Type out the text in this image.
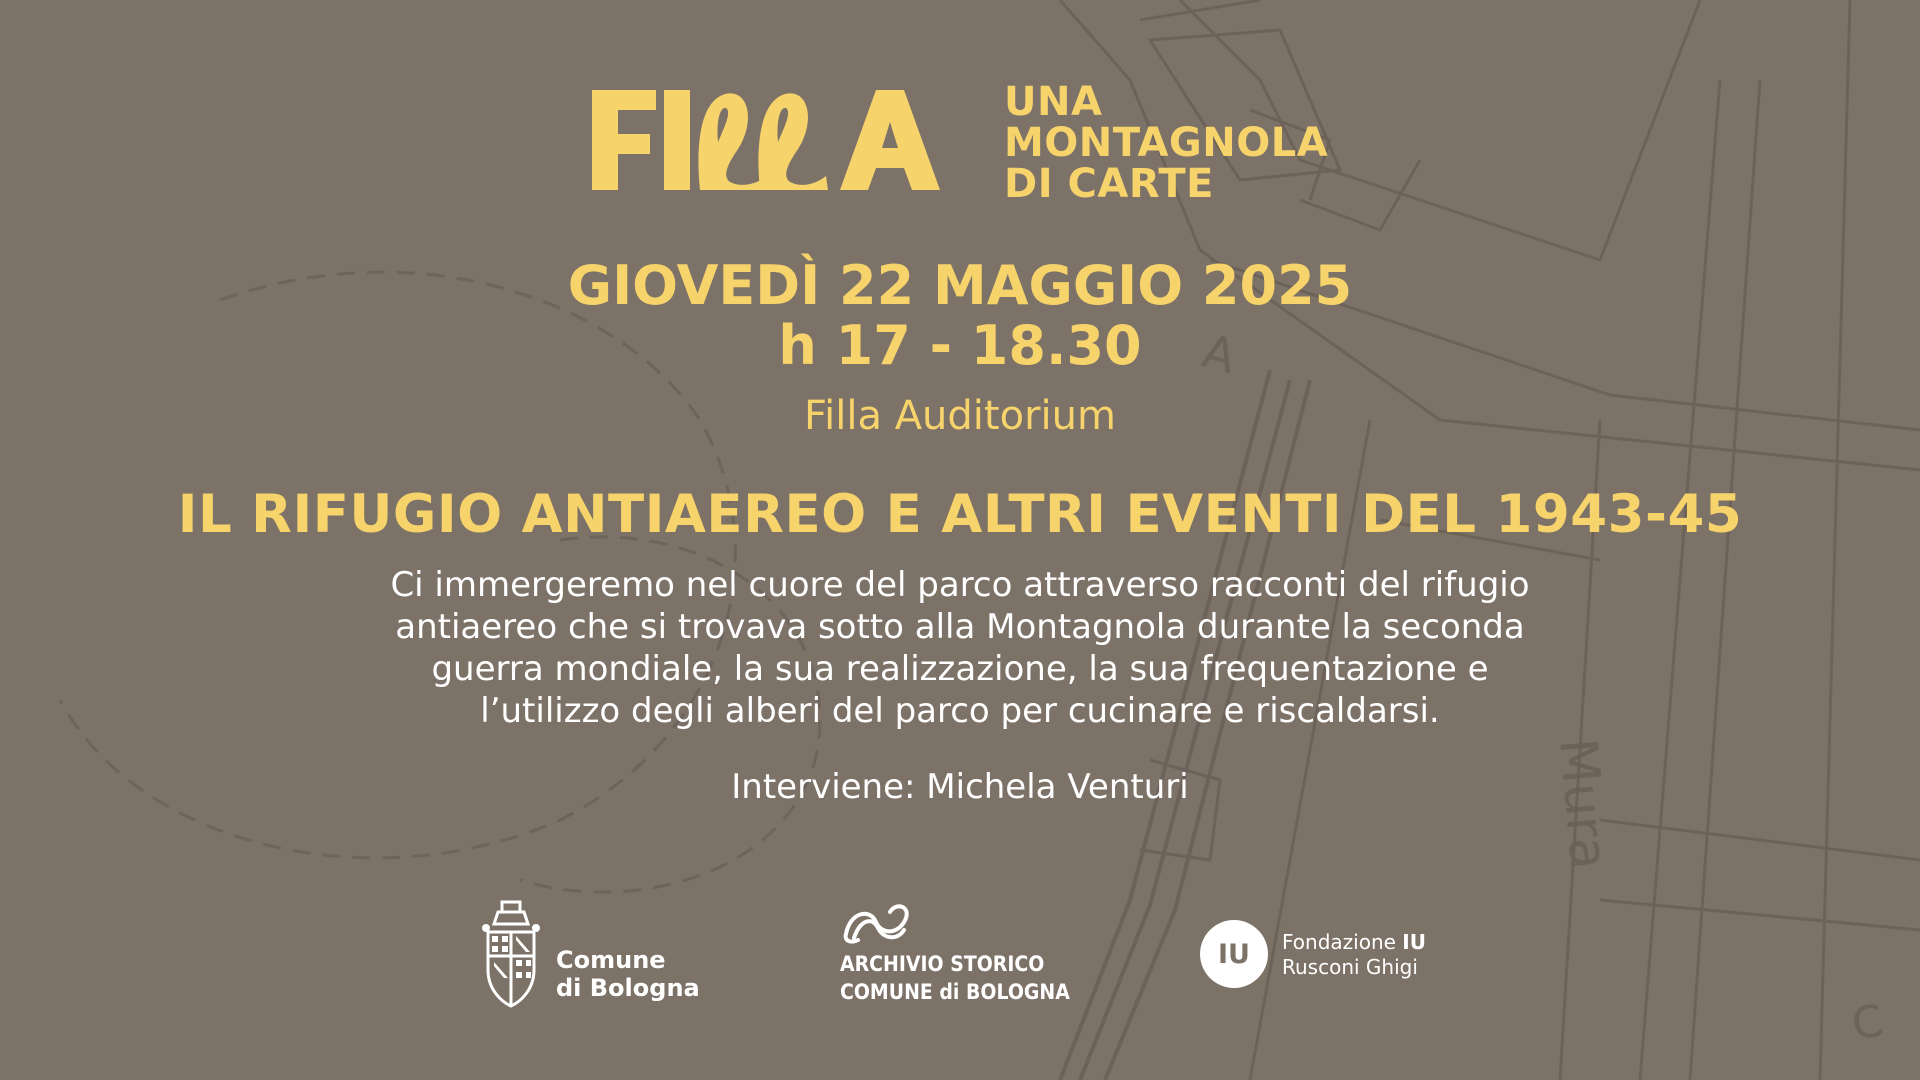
A
Mura
C
UNA
MONTAGNOLA
DI CARTE
GIOVEDÌ 22 MAGGIO 2025
h 17 - 18.30
Filla Auditorium
IL RIFUGIO ANTIAEREO E ALTRI EVENTI DEL 1943-45
Ci immergeremo nel cuore del parco attraverso racconti del rifugio
antiaereo che si trovava sotto alla Montagnola durante la seconda
guerra mondiale, la sua realizzazione, la sua frequentazione e
l’utilizzo degli alberi del parco per cucinare e riscaldarsi.
Interviene: Michela Venturi
Comune
di Bologna
ARCHIVIO STORICO
COMUNE di BOLOGNA
IU Fondazione IU
Rusconi Ghigi
